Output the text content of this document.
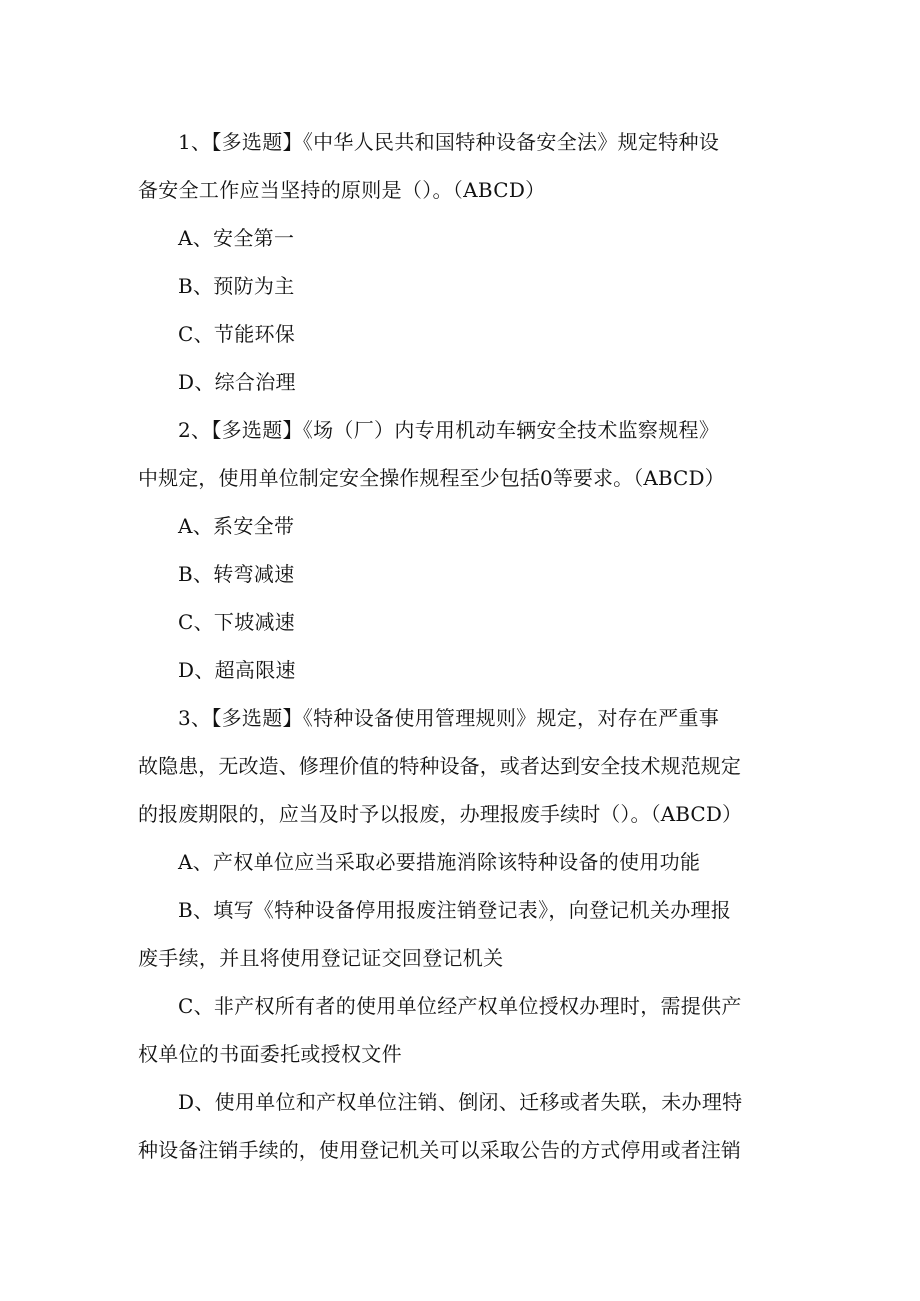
1、【多选题】《中华人民共和国特种设备安全法》规定特种设
备安全工作应当坚持的原则是（）。（ABCD）
A、安全第一
B、预防为主
C、节能环保
D、综合治理
2、【多选题】《场（厂）内专用机动车辆安全技术监察规程》
中规定，使用单位制定安全操作规程至少包括0等要求。（ABCD）
A、系安全带
B、转弯减速
C、下坡减速
D、超高限速
3、【多选题】《特种设备使用管理规则》规定，对存在严重事
故隐患，无改造、修理价值的特种设备，或者达到安全技术规范规定
的报废期限的，应当及时予以报废，办理报废手续时（）。（ABCD）
A、产权单位应当采取必要措施消除该特种设备的使用功能
B、填写《特种设备停用报废注销登记表》，向登记机关办理报
废手续，并且将使用登记证交回登记机关
C、非产权所有者的使用单位经产权单位授权办理时，需提供产
权单位的书面委托或授权文件
D、使用单位和产权单位注销、倒闭、迁移或者失联，未办理特
种设备注销手续的，使用登记机关可以采取公告的方式停用或者注销
